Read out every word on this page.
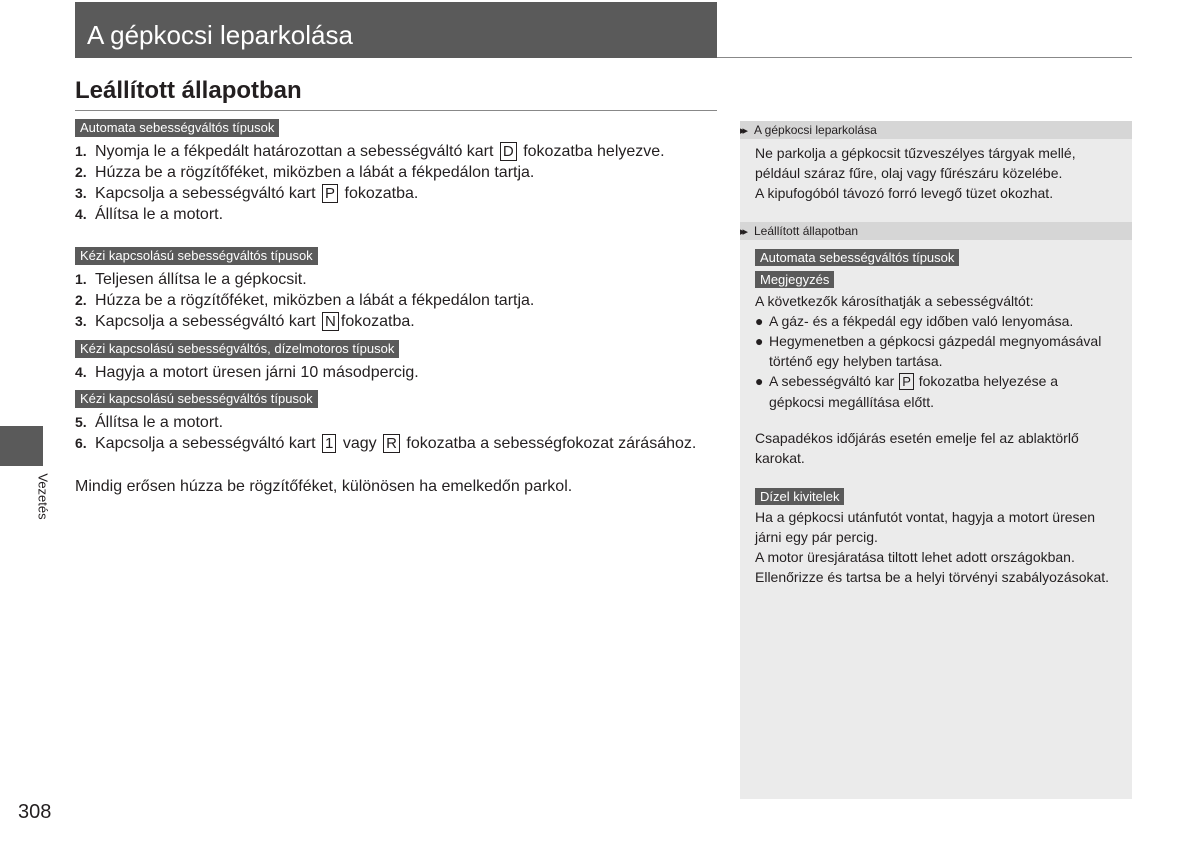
A gépkocsi leparkolása
Leállított állapotban
Automata sebességváltós típusok
1. Nyomja le a fékpedált határozottan a sebességváltó kart D fokozatba helyezve.
2. Húzza be a rögzítőféket, miközben a lábát a fékpedálon tartja.
3. Kapcsolja a sebességváltó kart P fokozatba.
4. Állítsa le a motort.
Kézi kapcsolású sebességváltós típusok
1. Teljesen állítsa le a gépkocsit.
2. Húzza be a rögzítőféket, miközben a lábát a fékpedálon tartja.
3. Kapcsolja a sebességváltó kart N fokozatba.
Kézi kapcsolású sebességváltós, dízelmotoros típusok
4. Hagyja a motort üresen járni 10 másodpercig.
Kézi kapcsolású sebességváltós típusok
5. Állítsa le a motort.
6. Kapcsolja a sebességváltó kart 1 vagy R fokozatba a sebességfokozat zárásához.
Mindig erősen húzza be rögzítőféket, különösen ha emelkedőn parkol.
▸▸ A gépkocsi leparkolása
Ne parkolja a gépkocsit tűzveszélyes tárgyak mellé,
például száraz fűre, olaj vagy fűrészáru közelébe.
A kipufogóból távozó forró levegő tüzet okozhat.
▸▸ Leállított állapotban
Automata sebességváltós típusok
Megjegyzés
A következők károsíthatják a sebességváltót:
● A gáz- és a fékpedál egy időben való lenyomása.
● Hegymenetben a gépkocsi gázpedál megnyomásával
történő egy helyben tartása.
● A sebességváltó kar P fokozatba helyezése a
gépkocsi megállítása előtt.
Csapadékos időjárás esetén emelje fel az ablaktörlő
karokat.
Dízel kivitelek
Ha a gépkocsi utánfutót vontat, hagyja a motort üresen
járni egy pár percig.
A motor üresjáratása tiltott lehet adott országokban.
Ellenőrizze és tartsa be a helyi törvényi szabályozásokat.
Vezetés
308
